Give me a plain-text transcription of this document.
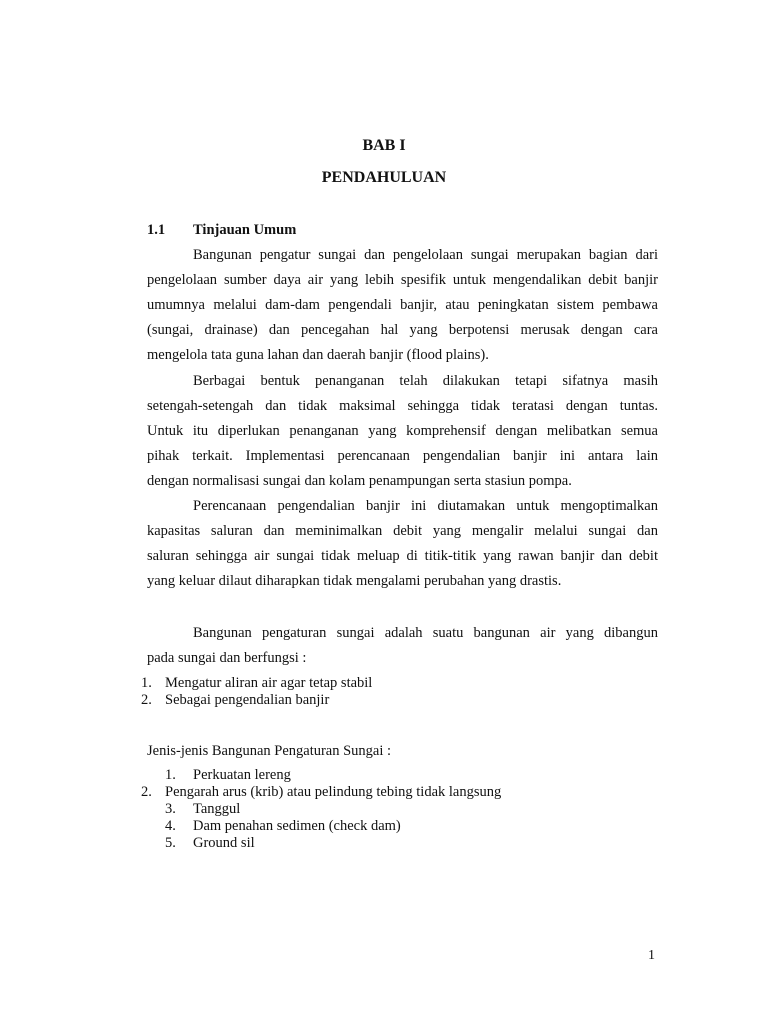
BAB I
PENDAHULUAN
1.1 Tinjauan Umum
Bangunan pengatur sungai dan pengelolaan sungai merupakan bagian dari
pengelolaan sumber daya air yang lebih spesifik untuk mengendalikan debit banjir
umumnya melalui dam-dam pengendali banjir, atau peningkatan sistem pembawa
(sungai, drainase) dan pencegahan hal yang berpotensi merusak dengan cara
mengelola tata guna lahan dan daerah banjir (flood plains).
Berbagai bentuk penanganan telah dilakukan tetapi sifatnya masih
setengah-setengah dan tidak maksimal sehingga tidak teratasi dengan tuntas.
Untuk itu diperlukan penanganan yang komprehensif dengan melibatkan semua
pihak terkait. Implementasi perencanaan pengendalian banjir ini antara lain
dengan normalisasi sungai dan kolam penampungan serta stasiun pompa.
Perencanaan pengendalian banjir ini diutamakan untuk mengoptimalkan
kapasitas saluran dan meminimalkan debit yang mengalir melalui sungai dan
saluran sehingga air sungai tidak meluap di titik-titik yang rawan banjir dan debit
yang keluar dilaut diharapkan tidak mengalami perubahan yang drastis.
Bangunan pengaturan sungai adalah suatu bangunan air yang dibangun
pada sungai dan berfungsi :
1. Mengatur aliran air agar tetap stabil
2. Sebagai pengendalian banjir
Jenis-jenis Bangunan Pengaturan Sungai :
1. Perkuatan lereng
2. Pengarah arus (krib) atau pelindung tebing tidak langsung
3. Tanggul
4. Dam penahan sedimen (check dam)
5. Ground sil
1
